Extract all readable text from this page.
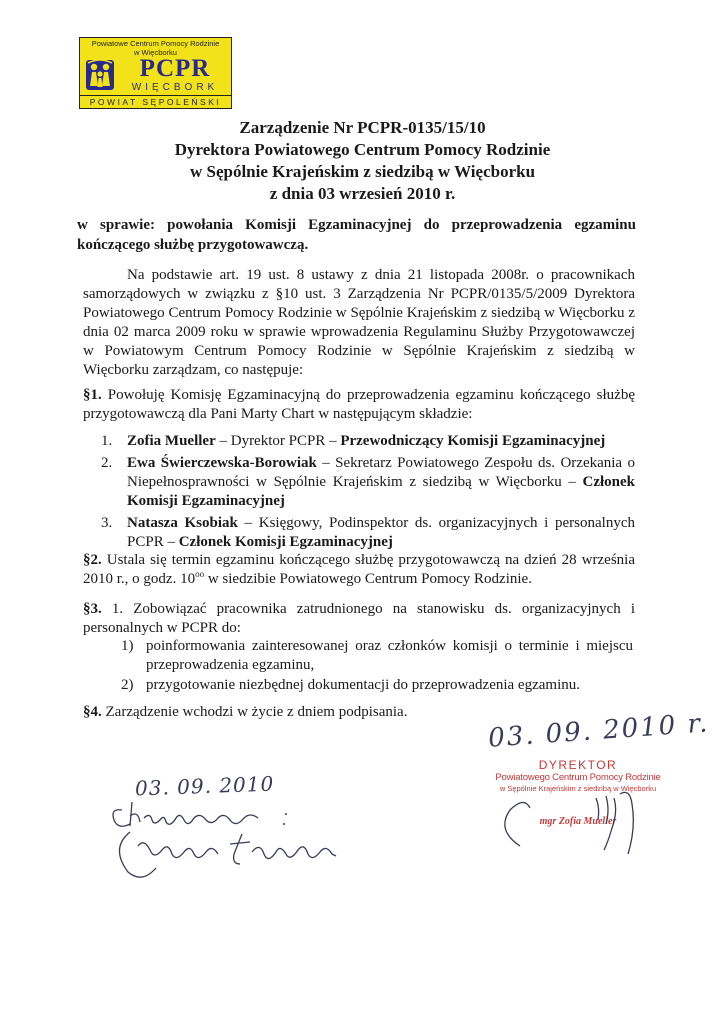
Powiatowe Centrum Pomocy Rodzinie
w Więcborku
PCPR
WIĘCBORK
POWIAT SĘPOLEŃSKI
Zarządzenie Nr PCPR-0135/15/10
Dyrektora Powiatowego Centrum Pomocy Rodzinie
w Sępólnie Krajeńskim z siedzibą w Więcborku
z dnia 03 wrzesień 2010 r.
w sprawie: powołania Komisji Egzaminacyjnej do przeprowadzenia egzaminu kończącego służbę przygotowawczą.
Na podstawie art. 19 ust. 8 ustawy z dnia 21 listopada 2008r. o pracownikach samorządowych w związku z §10 ust. 3 Zarządzenia Nr PCPR/0135/5/2009 Dyrektora Powiatowego Centrum Pomocy Rodzinie w Sępólnie Krajeńskim z siedzibą w Więcborku z dnia 02 marca 2009 roku w sprawie wprowadzenia Regulaminu Służby Przygotowawczej w Powiatowym Centrum Pomocy Rodzinie w Sępólnie Krajeńskim z siedzibą w Więcborku zarządzam, co następuje:
§1. Powołuję Komisję Egzaminacyjną do przeprowadzenia egzaminu kończącego służbę przygotowawczą dla Pani Marty Chart w następującym składzie:
1. Zofia Mueller – Dyrektor PCPR – Przewodniczący Komisji Egzaminacyjnej
2. Ewa Świerczewska-Borowiak – Sekretarz Powiatowego Zespołu ds. Orzekania o Niepełnosprawności w Sępólnie Krajeńskim z siedzibą w Więcborku – Członek Komisji Egzaminacyjnej
3. Natasza Ksobiak – Księgowy, Podinspektor ds. organizacyjnych i personalnych PCPR – Członek Komisji Egzaminacyjnej
§2. Ustala się termin egzaminu kończącego służbę przygotowawczą na dzień 28 września 2010 r., o godz. $10^{oo}$ w siedzibie Powiatowego Centrum Pomocy Rodzinie.
§3. 1. Zobowiązać pracownika zatrudnionego na stanowisku ds. organizacyjnych i personalnych w PCPR do:
1) poinformowania zainteresowanej oraz członków komisji o terminie i miejscu przeprowadzenia egzaminu,
2) przygotowanie niezbędnej dokumentacji do przeprowadzenia egzaminu.
§4. Zarządzenie wchodzi w życie z dniem podpisania.	03. 09. 2010 r.
DYREKTOR
Powiatowego Centrum Pomocy Rodzinie
w Sępólnie Krajeńskim z siedzibą w Więcborku
mgr Zofia Mueller
03. 09. 2010
